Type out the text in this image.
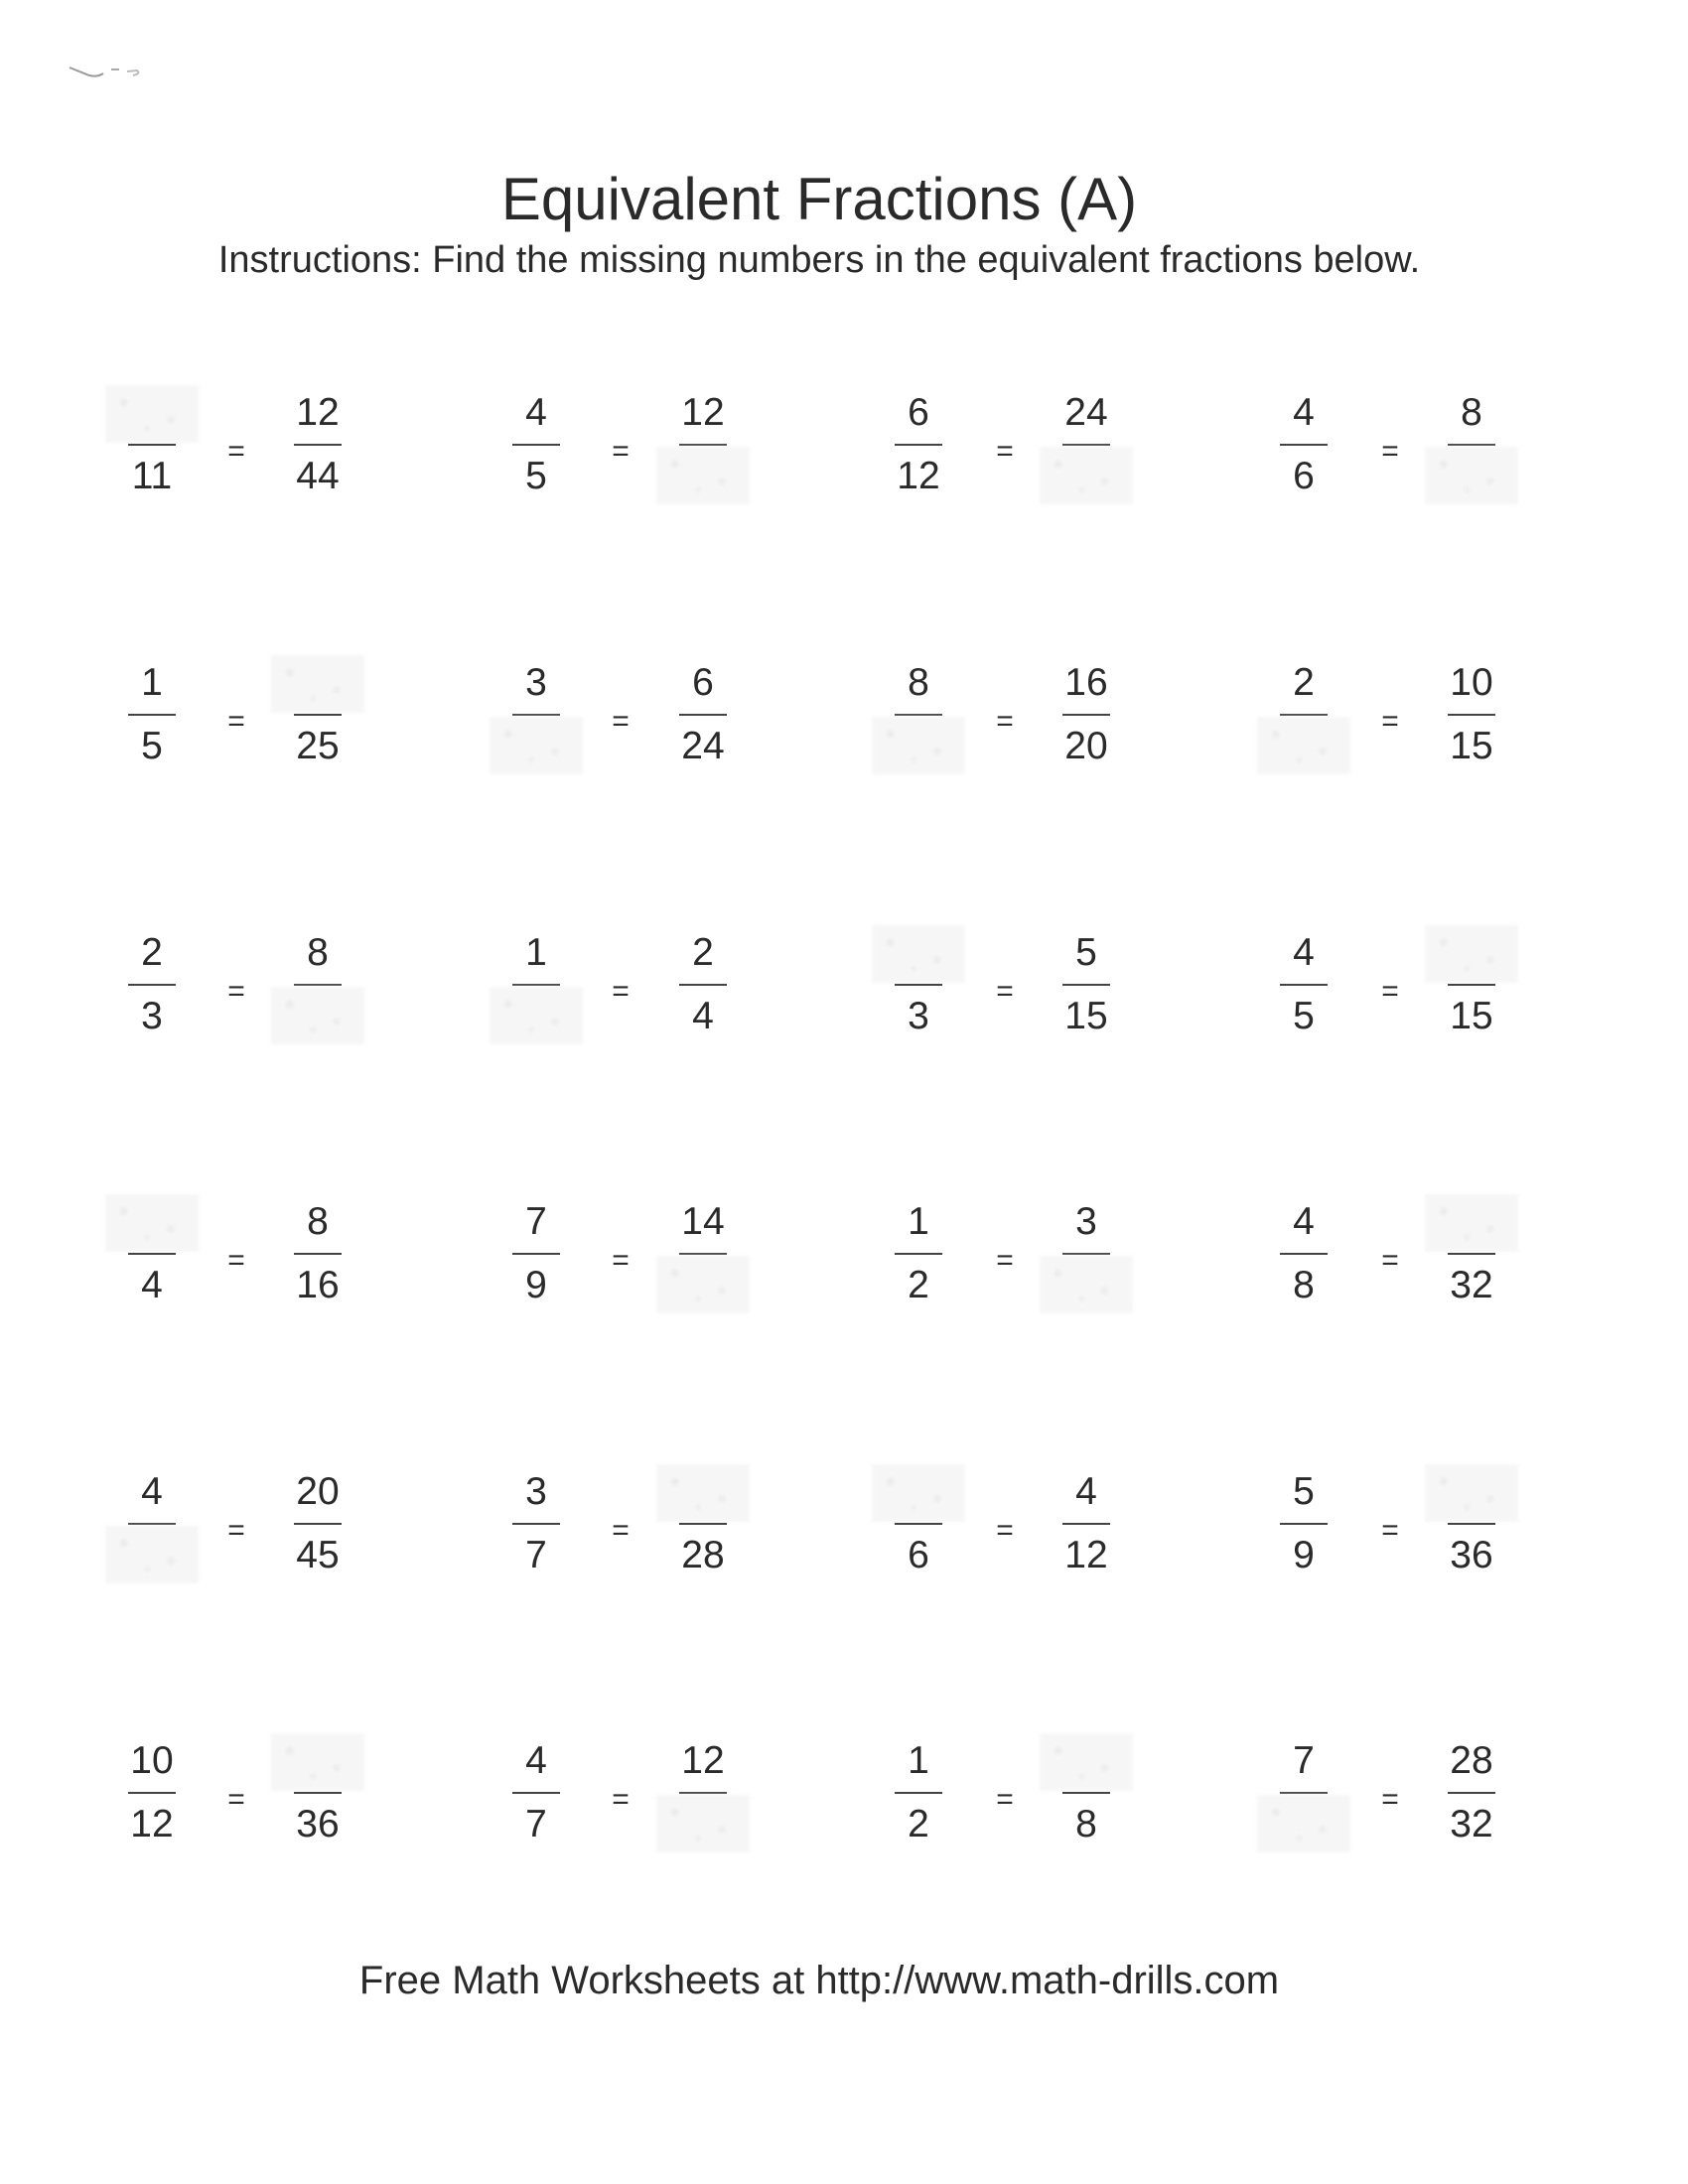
Equivalent Fractions (A)
Instructions: Find the missing numbers in the equivalent fractions below.
11
=
12
44
4
5
=
12	6
12
=
24	4
6
=
8
1
5
=
25
3
=
6
24
8
=
16
20
2
=
10
15
2
3
=
8	1
=
2
4	3
=
5
15
4
5
=
15
4
=
8
16
7
9
=
14	1
2
=
3	4
8
=
32
4
=
20
45
3
7
=
28	6
=
4
12
5
9
=
36
10
12
=
36
4
7
=
12	1
2
=
8
7
=
28
32
Free Math Worksheets at http://www.math-drills.com
